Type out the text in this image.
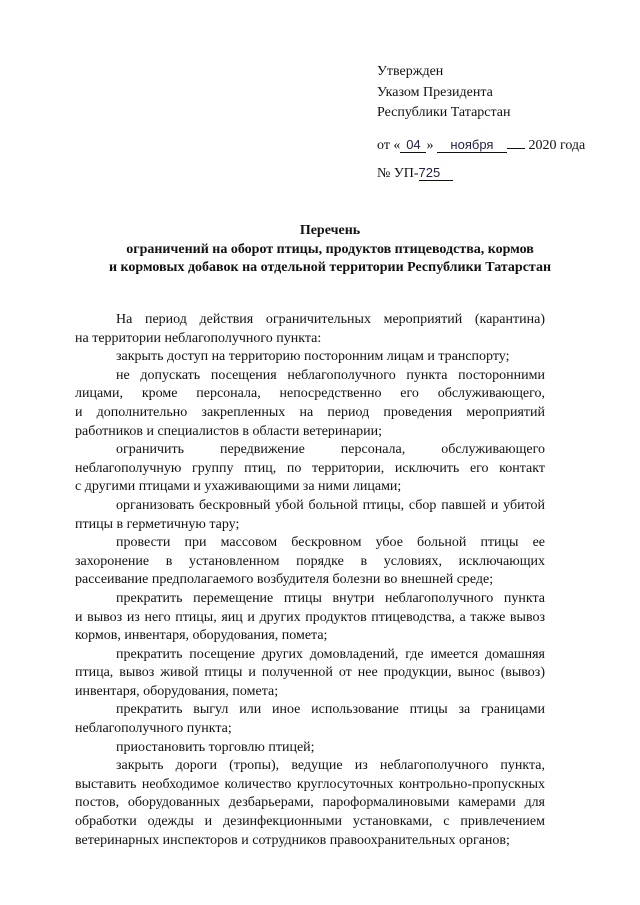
Утвержден
Указом Президента
Республики Татарстан
от « 04 » ноября 2020 года
№ УП-725
Перечень
ограничений на оборот птицы, продуктов птицеводства, кормов
и кормовых добавок на отдельной территории Республики Татарстан
На период действия ограничительных мероприятий (карантина)
на территории неблагополучного пункта:
закрыть доступ на территорию посторонним лицам и транспорту;
не допускать посещения неблагополучного пункта посторонними
лицами, кроме персонала, непосредственно его обслуживающего,
и дополнительно закрепленных на период проведения мероприятий
работников и специалистов в области ветеринарии;
ограничить передвижение персонала, обслуживающего
неблагополучную группу птиц, по территории, исключить его контакт
с другими птицами и ухаживающими за ними лицами;
организовать бескровный убой больной птицы, сбор павшей и убитой
птицы в герметичную тару;
провести при массовом бескровном убое больной птицы ее
захоронение в установленном порядке в условиях, исключающих
рассеивание предполагаемого возбудителя болезни во внешней среде;
прекратить перемещение птицы внутри неблагополучного пункта
и вывоз из него птицы, яиц и других продуктов птицеводства, а также вывоз
кормов, инвентаря, оборудования, помета;
прекратить посещение других домовладений, где имеется домашняя
птица, вывоз живой птицы и полученной от нее продукции, вынос (вывоз)
инвентаря, оборудования, помета;
прекратить выгул или иное использование птицы за границами
неблагополучного пункта;
приостановить торговлю птицей;
закрыть дороги (тропы), ведущие из неблагополучного пункта,
выставить необходимое количество круглосуточных контрольно-пропускных
постов, оборудованных дезбарьерами, пароформалиновыми камерами для
обработки одежды и дезинфекционными установками, с привлечением
ветеринарных инспекторов и сотрудников правоохранительных органов;
